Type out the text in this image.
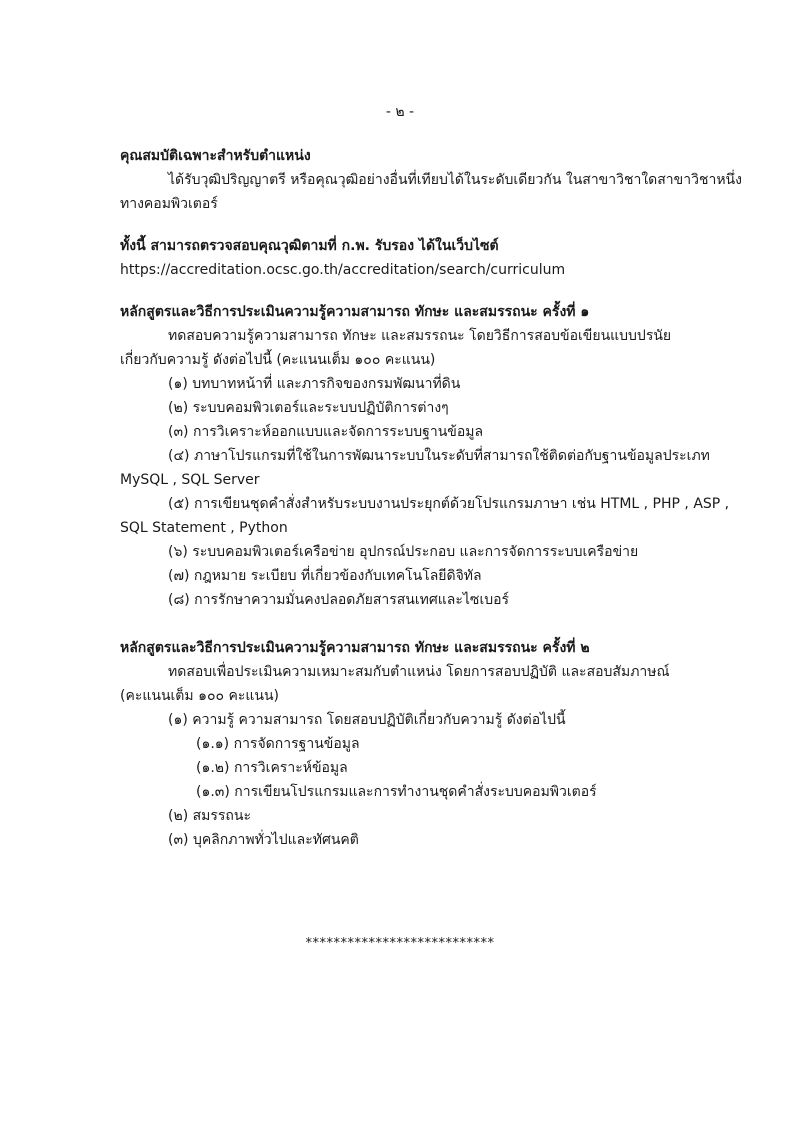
- ๒ -
คุณสมบัติเฉพาะสำหรับตำแหน่ง
ได้รับวุฒิปริญญาตรี หรือคุณวุฒิอย่างอื่นที่เทียบได้ในระดับเดียวกัน ในสาขาวิชาใดสาขาวิชาหนึ่ง
ทางคอมพิวเตอร์
ทั้งนี้ สามารถตรวจสอบคุณวุฒิตามที่ ก.พ. รับรอง ได้ในเว็บไซต์
https://accreditation.ocsc.go.th/accreditation/search/curriculum
หลักสูตรและวิธีการประเมินความรู้ความสามารถ ทักษะ และสมรรถนะ ครั้งที่ ๑
ทดสอบความรู้ความสามารถ ทักษะ และสมรรถนะ โดยวิธีการสอบข้อเขียนแบบปรนัย
เกี่ยวกับความรู้ ดังต่อไปนี้ (คะแนนเต็ม ๑๐๐ คะแนน)
(๑) บทบาทหน้าที่ และภารกิจของกรมพัฒนาที่ดิน
(๒) ระบบคอมพิวเตอร์และระบบปฏิบัติการต่างๆ
(๓) การวิเคราะห์ออกแบบและจัดการระบบฐานข้อมูล
(๔) ภาษาโปรแกรมที่ใช้ในการพัฒนาระบบในระดับที่สามารถใช้ติดต่อกับฐานข้อมูลประเภท
MySQL , SQL Server
(๕) การเขียนชุดคำสั่งสำหรับระบบงานประยุกต์ด้วยโปรแกรมภาษา เช่น HTML , PHP , ASP ,
SQL Statement , Python
(๖) ระบบคอมพิวเตอร์เครือข่าย อุปกรณ์ประกอบ และการจัดการระบบเครือข่าย
(๗) กฎหมาย ระเบียบ ที่เกี่ยวข้องกับเทคโนโลยีดิจิทัล
(๘) การรักษาความมั่นคงปลอดภัยสารสนเทศและไซเบอร์
หลักสูตรและวิธีการประเมินความรู้ความสามารถ ทักษะ และสมรรถนะ ครั้งที่ ๒
ทดสอบเพื่อประเมินความเหมาะสมกับตำแหน่ง โดยการสอบปฏิบัติ และสอบสัมภาษณ์
(คะแนนเต็ม ๑๐๐ คะแนน)
(๑) ความรู้ ความสามารถ โดยสอบปฏิบัติเกี่ยวกับความรู้ ดังต่อไปนี้
(๑.๑) การจัดการฐานข้อมูล
(๑.๒) การวิเคราะห์ข้อมูล
(๑.๓) การเขียนโปรแกรมและการทำงานชุดคำสั่งระบบคอมพิวเตอร์
(๒) สมรรถนะ
(๓) บุคลิกภาพทั่วไปและทัศนคติ
***************************
